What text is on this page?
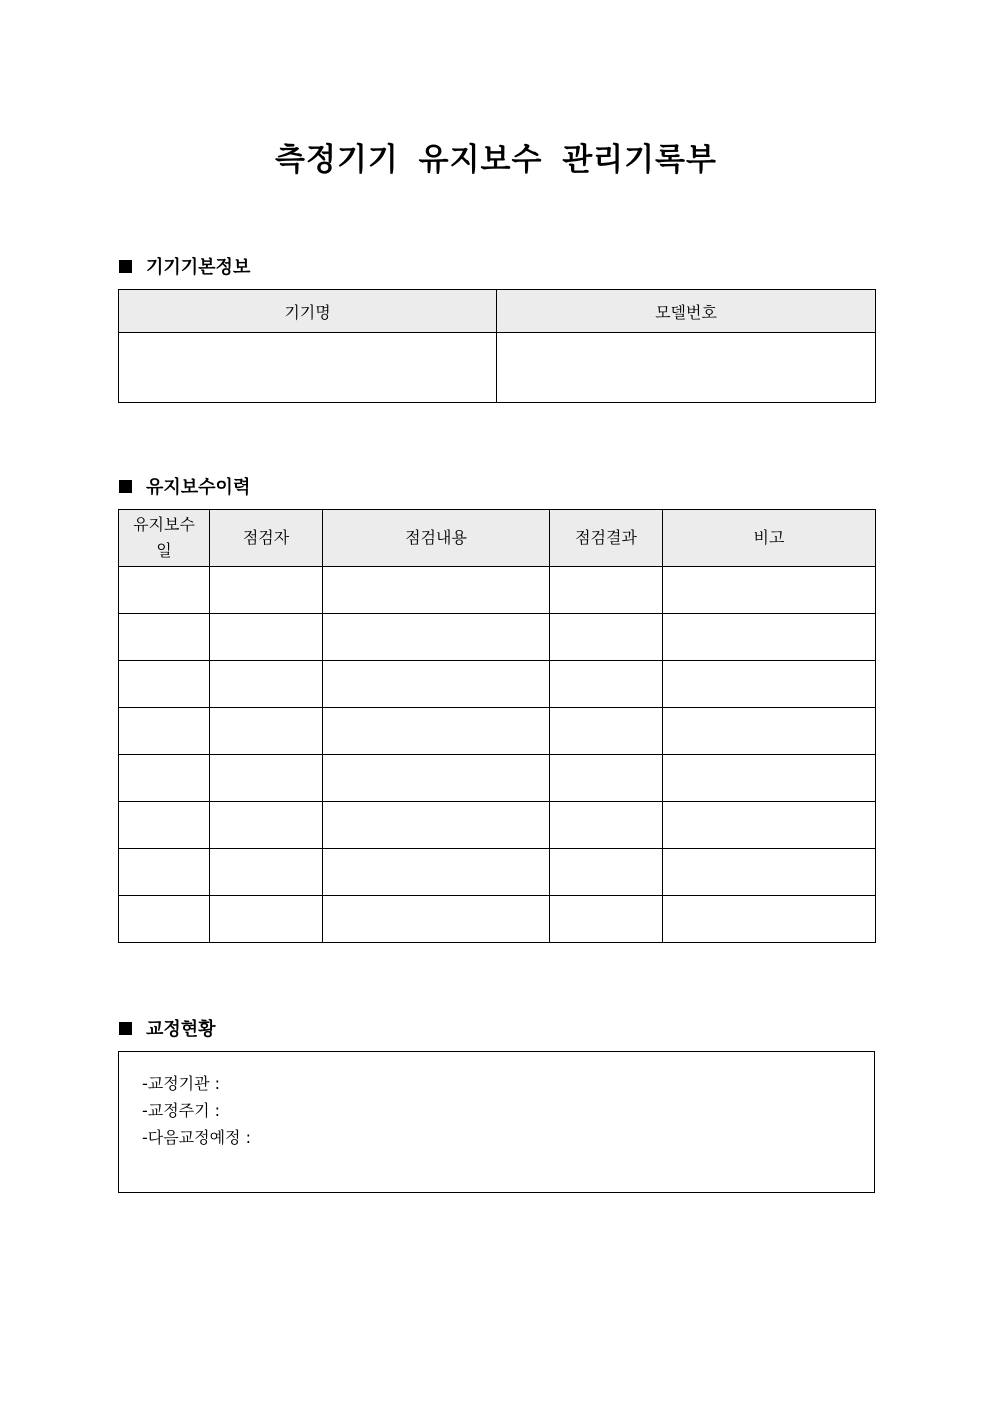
측정기기 유지보수 관리기록부
기기기본정보
기기명	모델번호

유지보수이력
유지보수일	점검자	점검내용	점검결과	비고

교정현황
-교정기관 :
-교정주기 :
-다음교정예정 :
